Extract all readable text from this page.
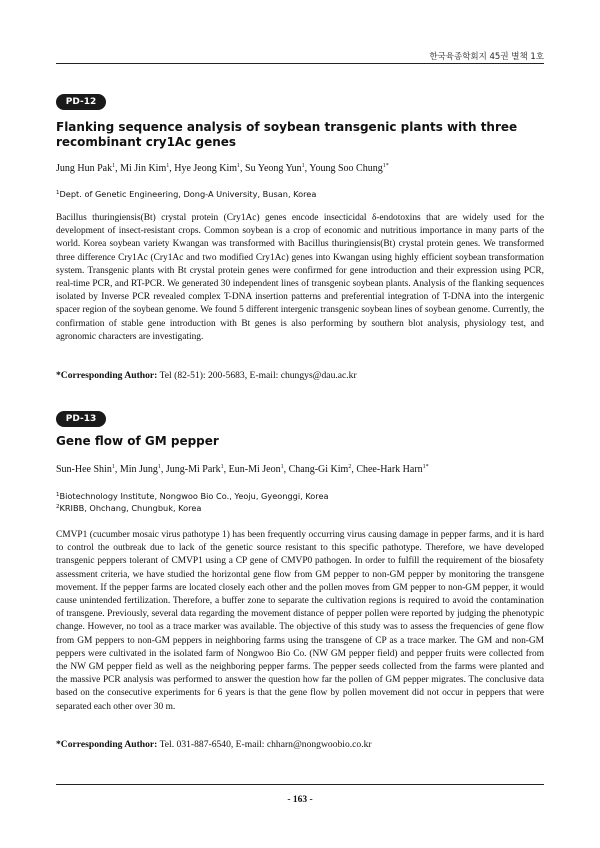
한국육종학회지 45권 별책 1호
PD-12
Flanking sequence analysis of soybean transgenic plants with three recombinant cry1Ac genes
Jung Hun Pak$^1$, Mi Jin Kim$^1$, Hye Jeong Kim$^1$, Su Yeong Yun$^1$, Young Soo Chung$^{1*}$
$^1$Dept. of Genetic Engineering, Dong-A University, Busan, Korea

Bacillus thuringiensis(Bt) crystal protein (Cry1Ac) genes encode insecticidal δ-endotoxins that are widely used for the development of insect-resistant crops. Common soybean is a crop of economic and nutritious importance in many parts of the world. Korea soybean variety Kwangan was transformed with Bacillus thuringiensis(Bt) crystal protein genes. We transformed three difference Cry1Ac (Cry1Ac and two modified Cry1Ac) genes into Kwangan using highly efficient soybean transformation system. Transgenic plants with Bt crystal protein genes were confirmed for gene introduction and their expression using PCR, real-time PCR, and RT-PCR. We generated 30 independent lines of transgenic soybean plants. Analysis of the flanking sequences isolated by Inverse PCR revealed complex T-DNA insertion patterns and preferential integration of T-DNA into the intergenic spacer region of the soybean genome. We found 5 different intergenic transgenic soybean lines of soybean genome. Currently, the confirmation of stable gene introduction with Bt genes is also performing by southern blot analysis, physiology test, and agronomic characters are investigating.

*Corresponding Author: Tel (82-51): 200-5683, E-mail: chungys@dau.ac.kr
PD-13
Gene flow of GM pepper
Sun-Hee Shin$^1$, Min Jung$^1$, Jung-Mi Park$^1$, Eun-Mi Jeon$^1$, Chang-Gi Kim$^2$, Chee-Hark Harn$^{1*}$
$^1$Biotechnology Institute, Nongwoo Bio Co., Yeoju, Gyeonggi, Korea
$^2$KRIBB, Ohchang, Chungbuk, Korea

CMVP1 (cucumber mosaic virus pathotype 1) has been frequently occurring virus causing damage in pepper farms, and it is hard to control the outbreak due to lack of the genetic source resistant to this specific pathotype. Therefore, we have developed transgenic peppers tolerant of CMVP1 using a CP gene of CMVP0 pathogen. In order to fulfill the requirement of the biosafety assessment criteria, we have studied the horizontal gene flow from GM pepper to non-GM pepper by monitoring the transgene movement. If the pepper farms are located closely each other and the pollen moves from GM pepper to non-GM pepper, it would cause unintended fertilization. Therefore, a buffer zone to separate the cultivation regions is required to avoid the contamination of transgene. Previously, several data regarding the movement distance of pepper pollen were reported by judging the phenotypic change. However, no tool as a trace marker was available. The objective of this study was to assess the frequencies of gene flow from GM peppers to non-GM peppers in neighboring farms using the transgene of CP as a trace marker. The GM and non-GM peppers were cultivated in the isolated farm of Nongwoo Bio Co. (NW GM pepper field) and pepper fruits were collected from the NW GM pepper field as well as the neighboring pepper farms. The pepper seeds collected from the farms were planted and the massive PCR analysis was performed to answer the question how far the pollen of GM pepper migrates. The conclusive data based on the consecutive experiments for 6 years is that the gene flow by pollen movement did not occur in peppers that were separated each other over 30 m.

*Corresponding Author: Tel. 031-887-6540, E-mail: chharn@nongwoobio.co.kr
- 163 -
